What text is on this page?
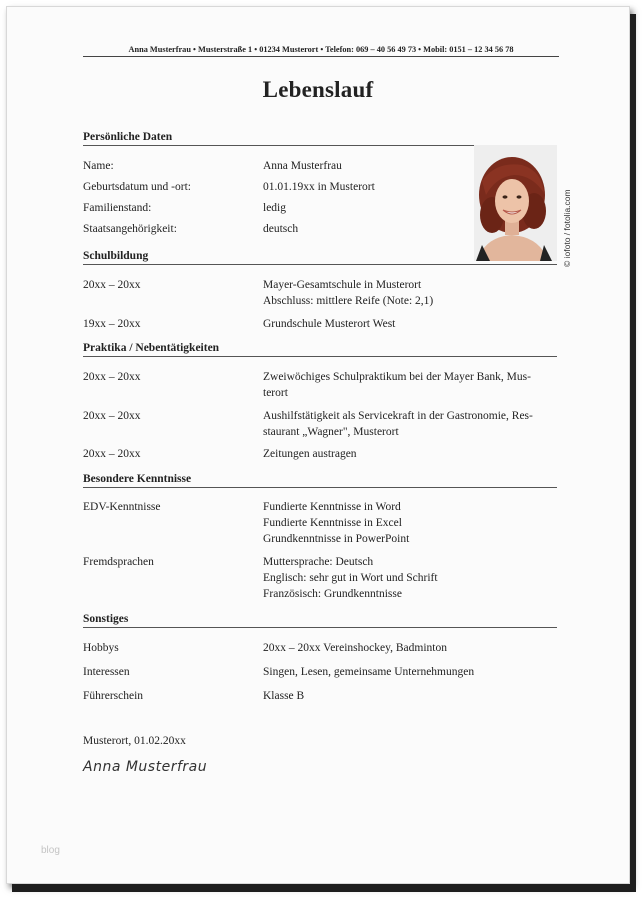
Anna Musterfrau • Musterstraße 1 • 01234 Musterort • Telefon: 069 – 40 56 49 73 • Mobil: 0151 – 12 34 56 78
Lebenslauf
Persönliche Daten
Name:	Anna Musterfrau
Geburtsdatum und -ort:	01.01.19xx in Musterort
Familienstand:	ledig
Staatsangehörigkeit:	deutsch	© iofoto / fotolia.com
Schulbildung
20xx – 20xx	Mayer-Gesamtschule in Musterort
Abschluss: mittlere Reife (Note: 2,1)
19xx – 20xx	Grundschule Musterort West
Praktika / Nebentätigkeiten
20xx – 20xx	Zweiwöchiges Schulpraktikum bei der Mayer Bank, Mus-
terort
20xx – 20xx	Aushilfstätigkeit als Servicekraft in der Gastronomie, Res-
staurant „Wagner", Musterort
20xx – 20xx	Zeitungen austragen
Besondere Kenntnisse
EDV-Kenntnisse	Fundierte Kenntnisse in Word
Fundierte Kenntnisse in Excel
Grundkenntnisse in PowerPoint
Fremdsprachen	Muttersprache: Deutsch
Englisch: sehr gut in Wort und Schrift
Französisch: Grundkenntnisse
Sonstiges
Hobbys	20xx – 20xx Vereinshockey, Badminton
Interessen	Singen, Lesen, gemeinsame Unternehmungen
Führerschein	Klasse B
Musterort, 01.02.20xx
Anna Musterfrau
blog
